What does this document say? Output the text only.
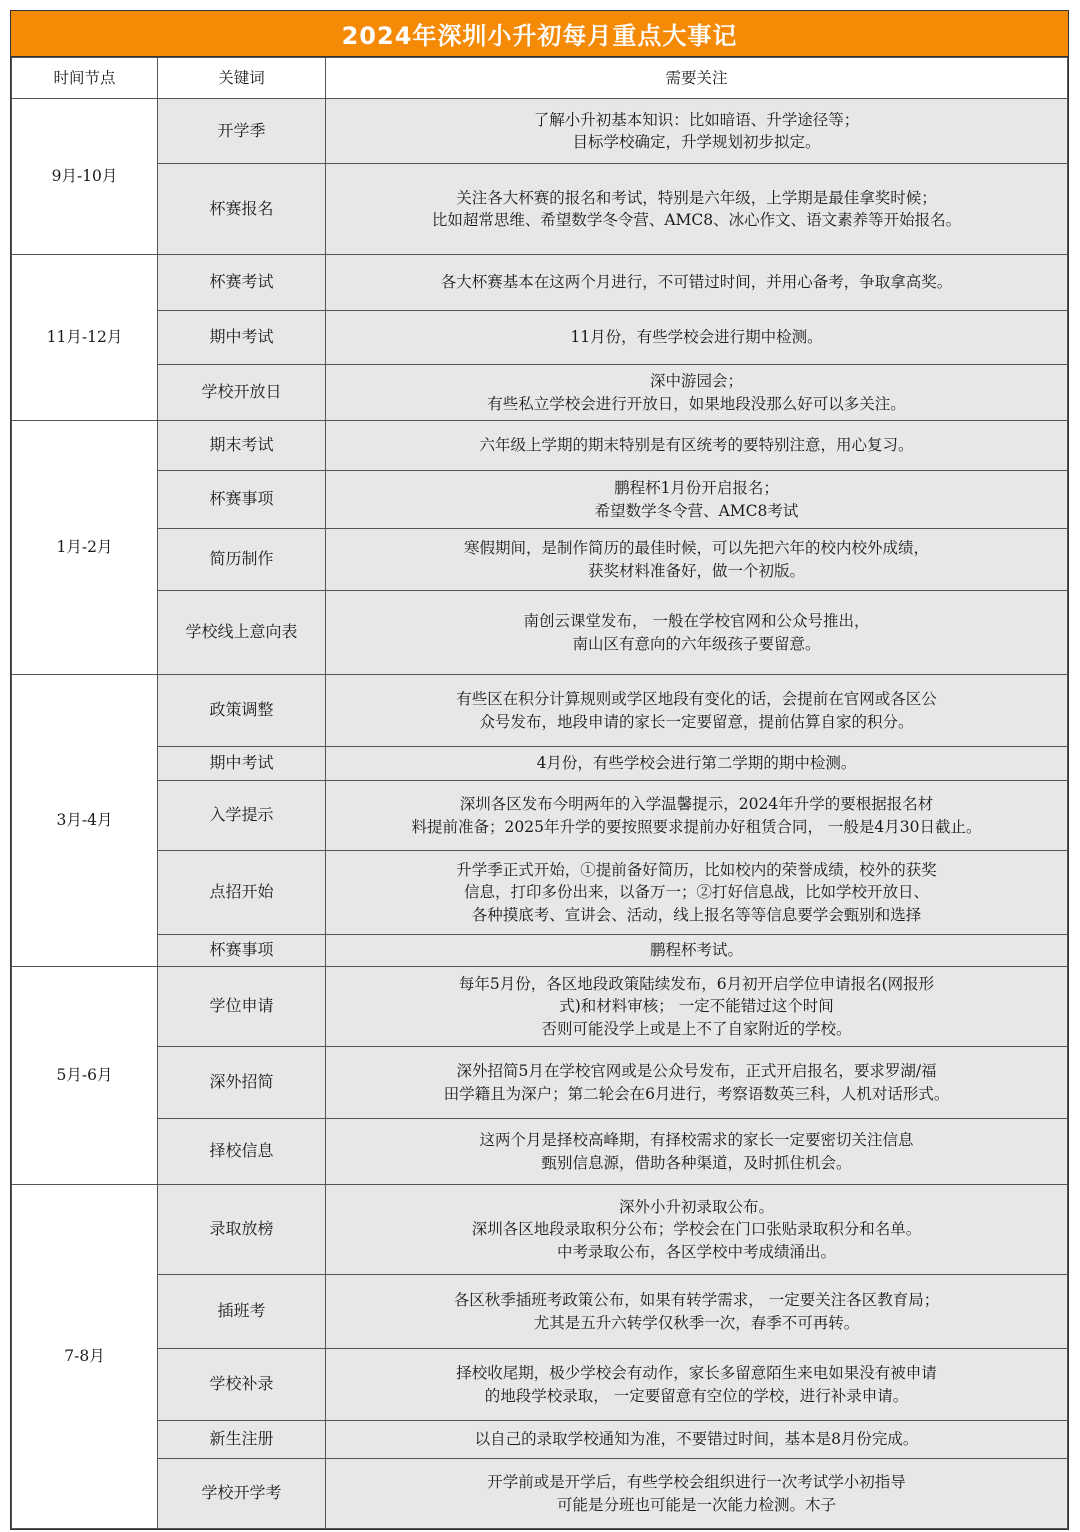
2024年深圳小升初每月重点大事记
时间节点	关键词	需要关注
9月-10月	开学季	了解小升初基本知识：比如暗语、升学途径等；
目标学校确定，升学规划初步拟定。

	杯赛报名	关注各大杯赛的报名和考试，特别是六年级，上学期是最佳拿奖时候；
比如超常思维、希望数学冬令营、AMC8、冰心作文、语文素养等开始报名。

11月-12月	杯赛考试	各大杯赛基本在这两个月进行，不可错过时间，并用心备考，争取拿高奖。

	期中考试	11月份，有些学校会进行期中检测。

	学校开放日	深中游园会；
有些私立学校会进行开放日，如果地段没那么好可以多关注。

1月-2月	期末考试	六年级上学期的期末特别是有区统考的要特别注意，用心复习。

	杯赛事项	鹏程杯1月份开启报名；
希望数学冬令营、AMC8考试

	简历制作	寒假期间，是制作简历的最佳时候，可以先把六年的校内校外成绩，
获奖材料准备好，做一个初版。

	学校线上意向表	南创云课堂发布， 一般在学校官网和公众号推出，
南山区有意向的六年级孩子要留意。

3月-4月	政策调整	有些区在积分计算规则或学区地段有变化的话，会提前在官网或各区公
众号发布，地段申请的家长一定要留意，提前估算自家的积分。

	期中考试	4月份，有些学校会进行第二学期的期中检测。

	入学提示	深圳各区发布今明两年的入学温馨提示，2024年升学的要根据报名材
料提前准备；2025年升学的要按照要求提前办好租赁合同， 一般是4月30日截止。

	点招开始	升学季正式开始，①提前备好简历，比如校内的荣誉成绩，校外的获奖
信息，打印多份出来，以备万一；②打好信息战，比如学校开放日、
各种摸底考、宣讲会、活动，线上报名等等信息要学会甄别和选择

	杯赛事项	鹏程杯考试。

5月-6月	学位申请	每年5月份，各区地段政策陆续发布，6月初开启学位申请报名(网报形
式)和材料审核； 一定不能错过这个时间
否则可能没学上或是上不了自家附近的学校。

	深外招简	深外招简5月在学校官网或是公众号发布，正式开启报名，要求罗湖/福
田学籍且为深户；第二轮会在6月进行，考察语数英三科，人机对话形式。

	择校信息	这两个月是择校高峰期，有择校需求的家长一定要密切关注信息
甄别信息源，借助各种渠道，及时抓住机会。

7-8月	录取放榜	深外小升初录取公布。
深圳各区地段录取积分公布；学校会在门口张贴录取积分和名单。
中考录取公布，各区学校中考成绩涌出。

	插班考	各区秋季插班考政策公布，如果有转学需求， 一定要关注各区教育局；
尤其是五升六转学仅秋季一次，春季不可再转。

	学校补录	择校收尾期，极少学校会有动作，家长多留意陌生来电如果没有被申请
的地段学校录取， 一定要留意有空位的学校，进行补录申请。

	新生注册	以自己的录取学校通知为准，不要错过时间，基本是8月份完成。

	学校开学考	开学前或是开学后，有些学校会组织进行一次考试学小初指导
可能是分班也可能是一次能力检测。木子
